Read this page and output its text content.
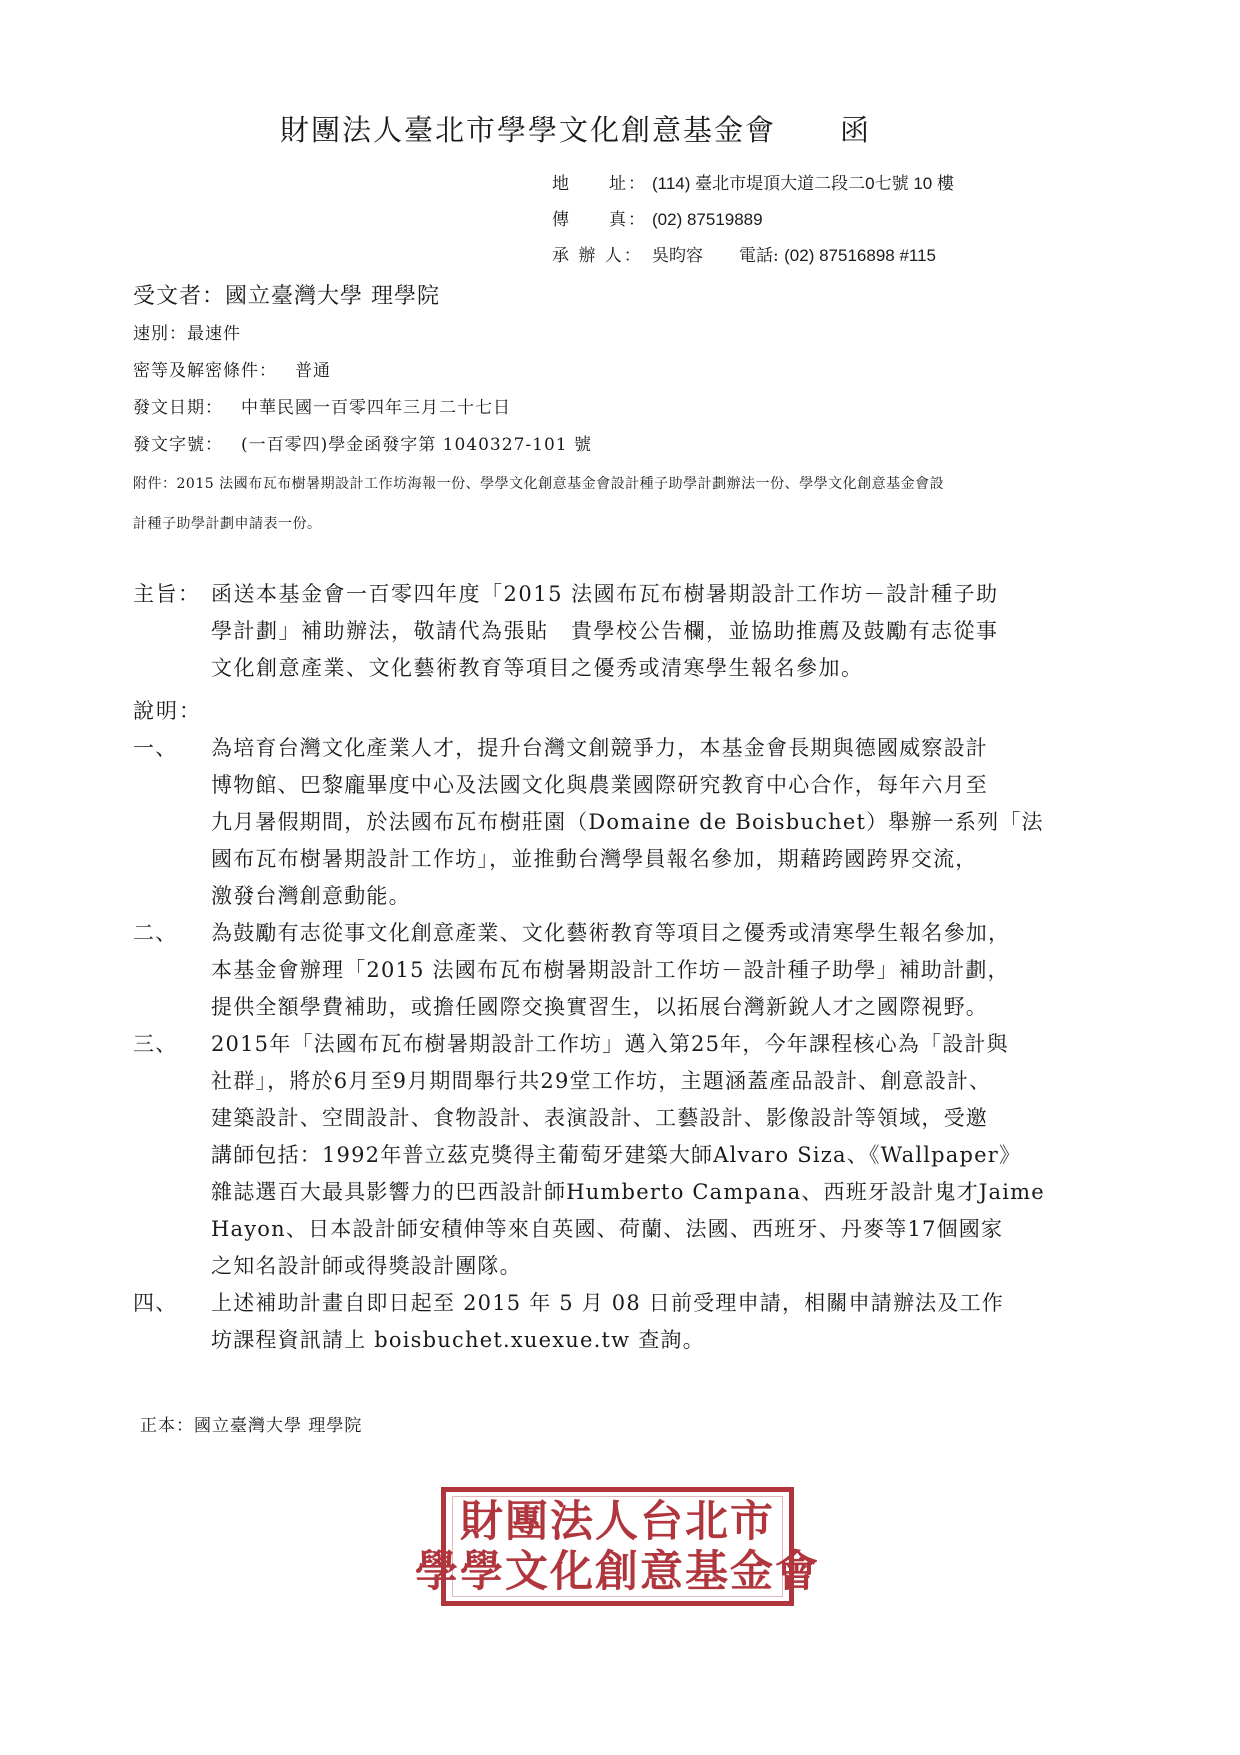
財團法人臺北市學學文化創意基金會 函
地　　址： (114) 臺北市堤頂大道二段二0七號 10 樓
傳　　真： (02) 87519889
承 辦 人： 吳昀容 電話: (02) 87516898 #115
受文者：國立臺灣大學 理學院
速別：最速件
密等及解密條件： 普通
發文日期： 中華民國一百零四年三月二十七日
發文字號： (一百零四)學金函發字第 1040327-101 號
附件：2015 法國布瓦布樹暑期設計工作坊海報一份、學學文化創意基金會設計種子助學計劃辦法一份、學學文化創意基金會設
計種子助學計劃申請表一份。
主旨： 函送本基金會一百零四年度「2015 法國布瓦布樹暑期設計工作坊－設計種子助
學計劃」補助辦法，敬請代為張貼　貴學校公告欄，並協助推薦及鼓勵有志從事
文化創意產業、文化藝術教育等項目之優秀或清寒學生報名參加。
說明：
一、	為培育台灣文化產業人才，提升台灣文創競爭力，本基金會長期與德國威察設計
博物館、巴黎龐畢度中心及法國文化與農業國際研究教育中心合作，每年六月至
九月暑假期間，於法國布瓦布樹莊園（Domaine de Boisbuchet）舉辦一系列「法
國布瓦布樹暑期設計工作坊」，並推動台灣學員報名參加，期藉跨國跨界交流，
激發台灣創意動能。
二、	為鼓勵有志從事文化創意產業、文化藝術教育等項目之優秀或清寒學生報名參加，
本基金會辦理「2015 法國布瓦布樹暑期設計工作坊－設計種子助學」補助計劃，
提供全額學費補助，或擔任國際交換實習生，以拓展台灣新銳人才之國際視野。
三、	2015年「法國布瓦布樹暑期設計工作坊」邁入第25年，今年課程核心為「設計與
社群」，將於6月至9月期間舉行共29堂工作坊，主題涵蓋產品設計、創意設計、
建築設計、空間設計、食物設計、表演設計、工藝設計、影像設計等領域，受邀
講師包括：1992年普立茲克獎得主葡萄牙建築大師Alvaro Siza、《Wallpaper》
雜誌選百大最具影響力的巴西設計師Humberto Campana、西班牙設計鬼才Jaime
Hayon、日本設計師安積伸等來自英國、荷蘭、法國、西班牙、丹麥等17個國家
之知名設計師或得獎設計團隊。
四、	上述補助計畫自即日起至 2015 年 5 月 08 日前受理申請，相關申請辦法及工作
坊課程資訊請上 boisbuchet.xuexue.tw 查詢。
正本：國立臺灣大學 理學院
財團法人台北市
學學文化創意基金會
